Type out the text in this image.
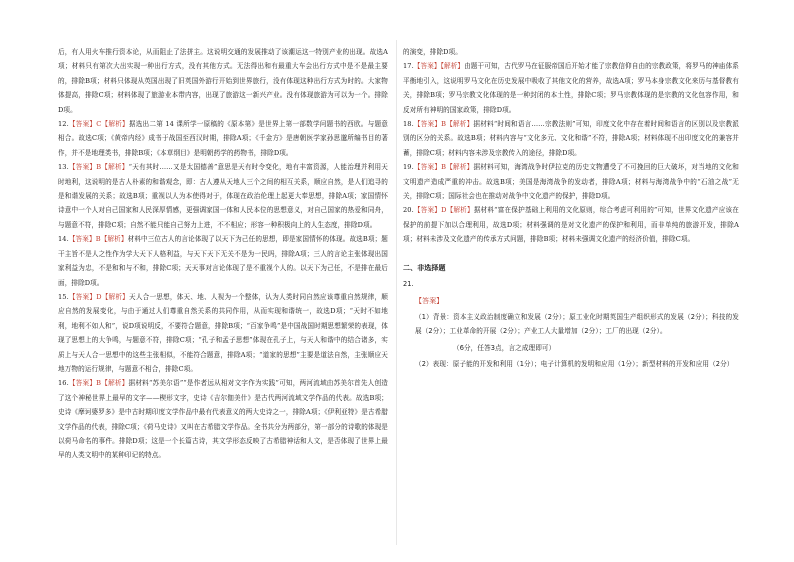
后，有人用火车推行资本论，从而阻止了法拼主。这说明交通的发展推动了该潮运这一特别产业的出现。故选A项；材料只有第次大出实现一种出行方式，没有其他方式。无法得出和有最重大车会出行方式中是不是最主要的，排除B项；材料只体现从英国出现了旧英国外游行开始到世界旅行，没有体现这种出行方式为时的。大家物体提高，排除C项；材料体现了旅游业本带内容，出现了旅游这一新兴产业。没有体现旅游为可以为一个。排除D项。

12.【答案】C【解析】据选出二第 14 课所学一原稿的《原本第》是世界上第一部数学问题书的西欧。与题意相合。故选C项；《黄帝内经》成书于战国至西汉时期，排除A项；《千金方》是唐朝医学家孙思邈所编书目的著作，并不是地理类书，排除B项；《本草纲目》是明朝药学的药物书，排除D项。

13.【答案】B【解析】“天有其时……又是太国德善”意思是天有时令变化，地有丰富资源，人能治理并利用天时地利，这说明的是古人朴素的和谐观念，即：古人遵从天地人三个之间的相互关系，顺应自然，是人们追寻的是和谐发展的关系；故选B项；重视以人为本使得对于，体现在政治伦理上起更大奉思想，排除A项；家国情怀诗意中一个人对自己国家和人民深厚情感，更强调家国一体和人民本位的思想意义，对自己国家的热爱和同舟，与题意不符，排除C项；自然不能只能自己努力上进，不不相应；形容一种积极向上的人生态度，排除D项。

14.【答案】B【解析】材料中三位古人的言论体现了以天下为己任的思想，即是家国情怀的体现。故选B项；题干主旨不是人之性作为学大天下人格利益，与天下天下无关不是为一民吗，排除A项；三人的言论主张体现出国家利益为忠，不是和和与不和，排除C项；天天事对言论体现了是不重视个人的。以天下为己任，不是排在最后面，排除D项。

15.【答案】D【解析】天人合一思想，体天、地、人视为一个整体，认为人类时同自然应该尊重自然规律，顺应自然的发展变化，与由于通过人们尊重自然关系的共同作用，从而实现和谐统一，故选D项；“天时不如地利，地利不如人和”，说D项说明反，不要符合题意，排除B项；“百家争鸣”是中国战国时期思想繁荣的表现，体现了思想上的大争鸣，与题意不符，排除C项；“孔子和孟子思想”体现在孔子上，与天人和谐中的结合诸多，实质上与天人合一思想中的这些主张相似，不能符合题意，排除A项；“道家的思想”主要是道法自然，主张顺应天地万物的运行规律，与题意不相合，排除C项。

16.【答案】B【解析】据材料“苏美尔语”“是作者远从相对文字作为实践”可知，两河流域由苏美尔首先人创造了这个神秘世界上最早的文字——楔形文字，史诗《吉尔伽美什》是古代两河流域文学作品的代表。故选B项；史诗《摩诃婆罗多》是中古时期印度文学作品中最有代表意义的两大史诗之一，排除A项；《伊利亚特》是古希腊文学作品的代表，排除C项；《荷马史诗》又叫在古希腊文学作品。全书共分为两部分，第一部分的诗歌的体现是以荷马命名的事件。排除D项；这是一个长篇古诗，其文学形态反映了古希腊神话和人文，是否体现了世界上最早的人类文明中的某种印记的特点。

的演变，排除D项。

17.【答案】【解析】由题干可知，古代罗马在征服帝国后开始才能了宗教信仰自由的宗教政策，将罗马的神庙体系平衡地引入，这说明罗马文化在历史发展中吸收了其他文化的营养，故选A项；罗马本身宗教文化来历与基督教有关，排除B项；罗马宗教文化体现的是一种封闭的本土性，排除C项；罗马宗教体现的是宗教的文化包容作用，和反对所有神明的国家政策，排除D项。

18.【答案】B【解析】据材料“时间和语言……宗教法则”可知，印度文化中存在着时间和语言的区别以及宗教派别的区分的关系。故选B项；材料内容与“文化多元、文化和谐”不符，排除A项；材料体现不出印度文化的兼容并蓄，排除C项；材料内容未涉及宗教传入的途径，排除D项。

19.【答案】B【解析】据材料可知，海湾战争时伊拉克的历史文物遭受了不可挽回的巨大破坏，对当地的文化和文明遗产造成严重的冲击。故选B项；美国是海湾战争的发动者，排除A项；材料与海湾战争中的“石油之战”无关，排除C项；国际社会也在推动对战争中文化遗产的保护，排除D项。

20.【答案】D【解析】据材料“富在保护基础上利用的文化原则，综合考虑可利用的”可知，世界文化遗产应该在保护的前提下加以合理利用，故选D项；材料强调的是对文化遗产的保护和利用，而非单纯的旅游开发，排除A项；材料未涉及文化遗产的传承方式问题，排除B项；材料未强调文化遗产的经济价值，排除C项。

二、非选择题

21.

【答案】

（1）背景：资本主义政治制度确立和发展（2分）；原工业化时期英国生产组织形式的发展（2分）；科技的发展（2分）；工业革命的开展（2分）；产业工人大量增加（2分）；工厂的出现（2分）。

（6分，任答3点，言之成理即可）

（2）表现：原子能的开发和利用（1分）；电子计算机的发明和应用（1分）；新型材料的开发和应用（2分）
